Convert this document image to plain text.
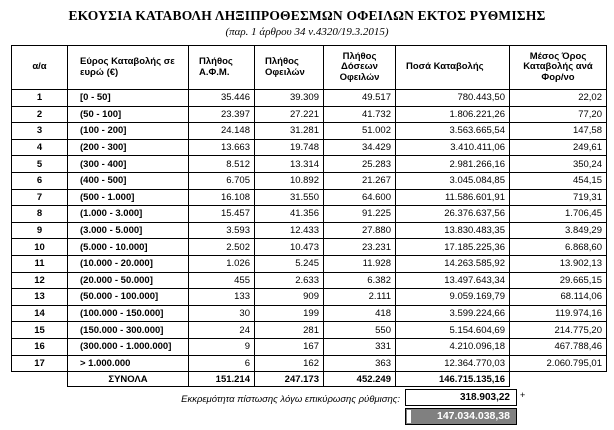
ΕΚΟΥΣΙΑ ΚΑΤΑΒΟΛΗ ΛΗΞΙΠΡΟΘΕΣΜΩΝ ΟΦΕΙΛΩΝ ΕΚΤΟΣ ΡΥΘΜΙΣΗΣ
(παρ. 1 άρθρου 34 ν.4320/19.3.2015)
α/α	Εύρος Καταβολής σε ευρώ (€)	Πλήθος Α.Φ.Μ.	Πλήθος Οφειλών	Πλήθος Δόσεων Οφειλών	Ποσά Καταβολής	Μέσος Όρος Καταβολής ανά Φορ/νο
1	[0 - 50]	35.446	39.309	49.517	780.443,50	22,02
2	(50 - 100]	23.397	27.221	41.732	1.806.221,26	77,20
3	(100 - 200]	24.148	31.281	51.002	3.563.665,54	147,58
4	(200 - 300]	13.663	19.748	34.429	3.410.411,06	249,61
5	(300 - 400]	8.512	13.314	25.283	2.981.266,16	350,24
6	(400 - 500]	6.705	10.892	21.267	3.045.084,85	454,15
7	(500 - 1.000]	16.108	31.550	64.600	11.586.601,91	719,31
8	(1.000 - 3.000]	15.457	41.356	91.225	26.376.637,56	1.706,45
9	(3.000 - 5.000]	3.593	12.433	27.880	13.830.483,35	3.849,29
10	(5.000 - 10.000]	2.502	10.473	23.231	17.185.225,36	6.868,60
11	(10.000 - 20.000]	1.026	5.245	11.928	14.263.585,92	13.902,13
12	(20.000 - 50.000]	455	2.633	6.382	13.497.643,34	29.665,15
13	(50.000 - 100.000]	133	909	2.111	9.059.169,79	68.114,06
14	(100.000 - 150.000]	30	199	418	3.599.224,66	119.974,16
15	(150.000 - 300.000]	24	281	550	5.154.604,69	214.775,20
16	(300.000 - 1.000.000]	9	167	331	4.210.096,18	467.788,46
17	> 1.000.000	6	162	363	12.364.770,03	2.060.795,01
	ΣΥΝΟΛΑ	151.214	247.173	452.249	146.715.135,16	
Εκκρεμότητα πίστωσης λόγω επικύρωσης ρύθμισης:	318.903,22	+
147.034.038,38
